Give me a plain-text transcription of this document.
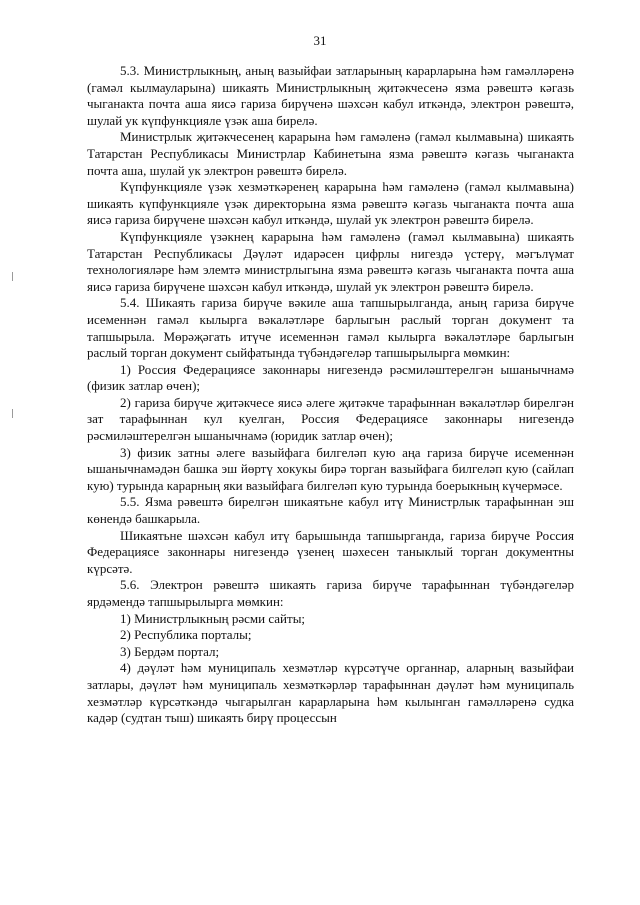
31

5.3. Министрлыкның, аның вазыйфаи затларының карарларына һәм гамәлләренә (гамәл кылмауларына) шикаять Министрлыкның җитәкчесенә язма рәвештә кәгазь чыганакта почта аша яисә гариза бирүченә шәхсән кабул иткәндә, электрон рәвештә, шулай ук күпфункцияле үзәк аша бирелә.

Министрлык җитәкчесенең карарына һәм гамәленә (гамәл кылмавына) шикаять Татарстан Республикасы Министрлар Кабинетына язма рәвештә кәгазь чыганакта почта аша, шулай ук электрон рәвештә бирелә.

Күпфункцияле үзәк хезмәткәренең карарына һәм гамәленә (гамәл кылмавына) шикаять күпфункцияле үзәк директорына язма рәвештә кәгазь чыганакта почта аша яисә гариза бирүчене шәхсән кабул иткәндә, шулай ук электрон рәвештә бирелә.

Күпфункцияле үзәкнең карарына һәм гамәленә (гамәл кылмавына) шикаять Татарстан Республикасы Дәүләт идарәсен цифрлы нигездә үстерү, мәгълүмат технологияләре һәм элемтә министрлыгына язма рәвештә кәгазь чыганакта почта аша яисә гариза бирүчене шәхсән кабул иткәндә, шулай ук электрон рәвештә бирелә.

5.4. Шикаять гариза бирүче вәкиле аша тапшырылганда, аның гариза бирүче исеменнән гамәл кылырга вәкаләтләре барлыгын раслый торган документ та тапшырыла. Мөрәҗәгать итүче исеменнән гамәл кылырга вәкаләтләре барлыгын раслый торган документ сыйфатында түбәндәгеләр тапшырылырга мөмкин:

1) Россия Федерациясе законнары нигезендә рәсмиләштерелгән ышанычнамә (физик затлар өчен);

2) гариза бирүче җитәкчесе яисә әлеге җитәкче тарафыннан вәкаләтләр бирелгән зат тарафыннан кул куелган, Россия Федерациясе законнары нигезендә рәсмиләштерелгән ышанычнамә (юридик затлар өчен);

3) физик затны әлеге вазыйфага билгеләп кую аңа гариза бирүче исеменнән ышанычнамәдән башка эш йөртү хокукы бирә торган вазыйфага билгеләп кую (сайлап кую) турында карарның яки вазыйфага билгеләп кую турында боерыкның күчермәсе.

5.5. Язма рәвештә бирелгән шикаятьне кабул итү Министрлык тарафыннан эш көнендә башкарыла.

Шикаятьне шәхсән кабул итү барышында тапшырганда, гариза бирүче Россия Федерациясе законнары нигезендә үзенең шәхесен таныклый торган документны күрсәтә.

5.6. Электрон рәвештә шикаять гариза бирүче тарафыннан түбәндәгеләр ярдәмендә тапшырылырга мөмкин:

1) Министрлыкның рәсми сайты;

2) Республика порталы;

3) Бердәм портал;

4) дәүләт һәм муниципаль хезмәтләр күрсәтүче органнар, аларның вазыйфаи затлары, дәүләт һәм муниципаль хезмәткәрләр тарафыннан дәүләт һәм муниципаль хезмәтләр күрсәткәндә чыгарылган карарларына һәм кылынган гамәлләренә судка кадәр (судтан тыш) шикаять бирү процессын
